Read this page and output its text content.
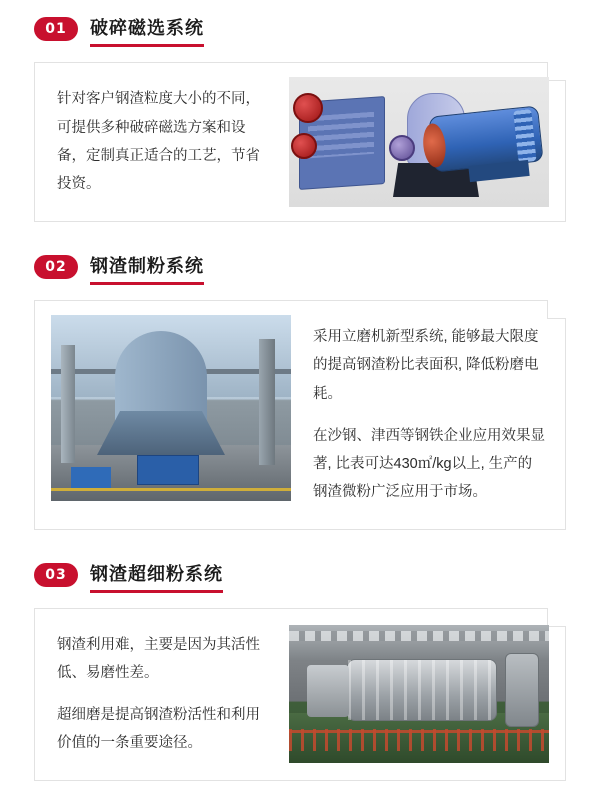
01	破碎磁选系统

针对客户钢渣粒度大小的不同，可提供多种破碎磁选方案和设备，定制真正适合的工艺，节省投资。

02	钢渣制粉系统

采用立磨机新型系统, 能够最大限度的提高钢渣粉比表面积, 降低粉磨电耗。

在沙钢、津西等钢铁企业应用效果显著, 比表可达430㎡/kg以上, 生产的钢渣微粉广泛应用于市场。

03	钢渣超细粉系统

钢渣利用难，主要是因为其活性低、易磨性差。

超细磨是提高钢渣粉活性和利用价值的一条重要途径。
